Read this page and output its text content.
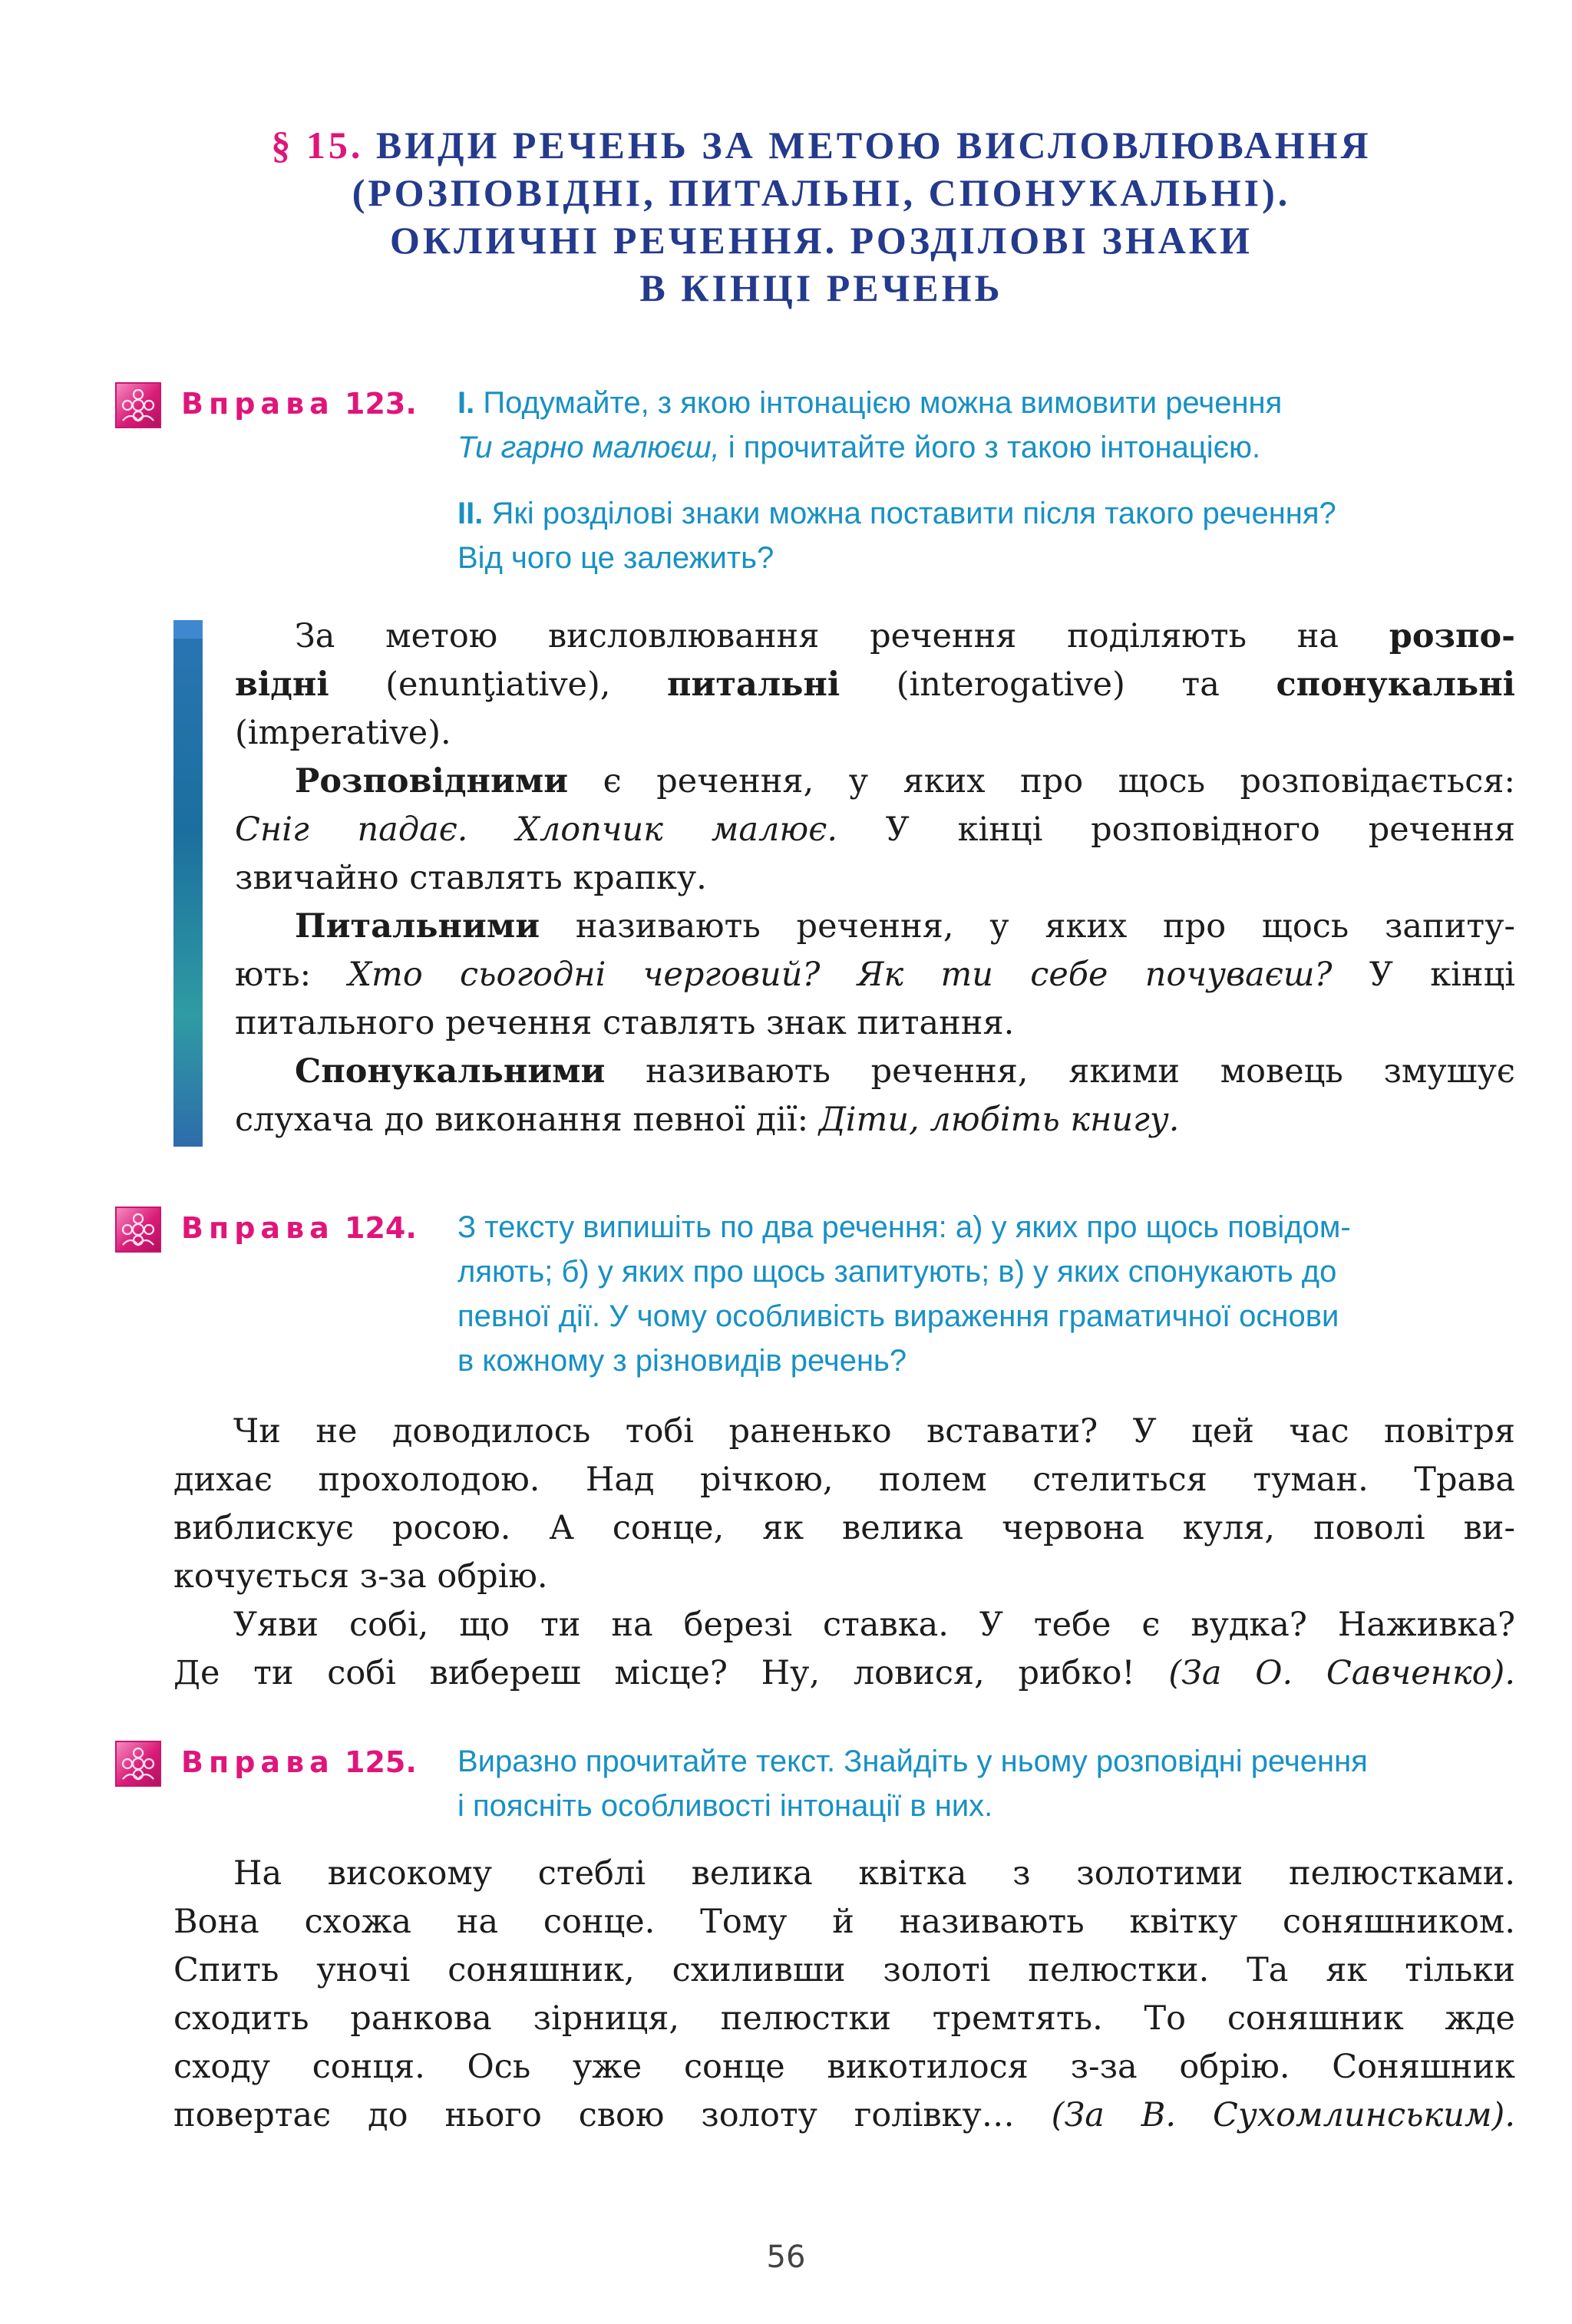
§ 15. ВИДИ РЕЧЕНЬ ЗА МЕТОЮ ВИСЛОВЛЮВАННЯ
(РОЗПОВІДНІ, ПИТАЛЬНІ, СПОНУКАЛЬНІ).
ОКЛИЧНІ РЕЧЕННЯ. РОЗДІЛОВІ ЗНАКИ
В КІНЦІ РЕЧЕНЬ
Вправа 123. I. Подумайте, з якою інтонацією можна вимовити речення
Ти гарно малюєш, і прочитайте його з такою інтонацією.
II. Які розділові знаки можна поставити після такого речення?
Від чого це залежить?
За метою висловлювання речення поділяють на розпо-
відні (enunţiative), питальні (interogative) та спонукальні
(imperative).
Розповідними є речення, у яких про щось розповідається:
Сніг падає. Хлопчик малює. У кінці розповідного речення
звичайно ставлять крапку.
Питальними називають речення, у яких про щось запиту-
ють: Хто сьогодні черговий? Як ти себе почуваєш? У кінці
питального речення ставлять знак питання.
Спонукальними називають речення, якими мовець змушує
слухача до виконання певної дії: Діти, любіть книгу.
Вправа 124. З тексту випишіть по два речення: а) у яких про щось повідом-
ляють; б) у яких про щось запитують; в) у яких спонукають до
певної дії. У чому особливість вираження граматичної основи
в кожному з різновидів речень?
Чи не доводилось тобі раненько вставати? У цей час повітря
дихає прохолодою. Над річкою, полем стелиться туман. Трава
виблискує росою. А сонце, як велика червона куля, поволі ви-
кочується з-за обрію.
Уяви собі, що ти на березі ставка. У тебе є вудка? Наживка?
Де ти собі вибереш місце? Ну, ловися, рибко! (За О. Савченко).
Вправа 125. Виразно прочитайте текст. Знайдіть у ньому розповідні речення
і поясніть особливості інтонації в них.
На високому стеблі велика квітка з золотими пелюстками.
Вона схожа на сонце. Тому й називають квітку соняшником.
Спить уночі соняшник, схиливши золоті пелюстки. Та як тільки
сходить ранкова зірниця, пелюстки тремтять. То соняшник жде
сходу сонця. Ось уже сонце викотилося з-за обрію. Соняшник
повертає до нього свою золоту голівку… (За В. Сухомлинським).
56
